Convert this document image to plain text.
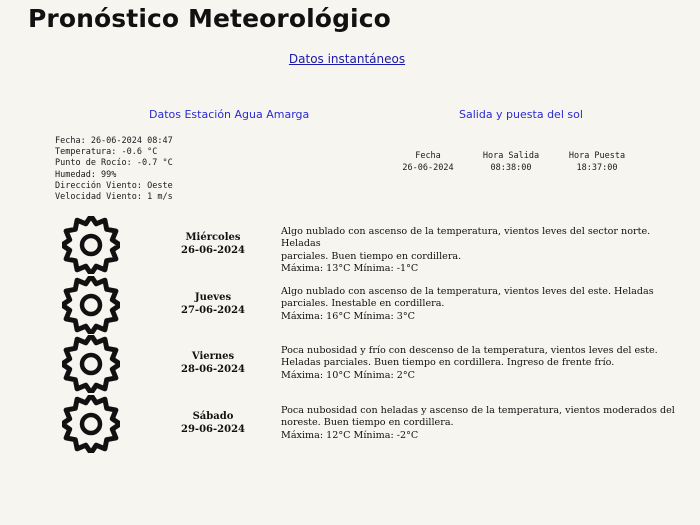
Pronóstico Meteorológico
Datos instantáneos
Datos Estación Agua Amarga	Salida y puesta del sol
Fecha: 26-06-2024 08:47
Temperatura: -0.6 °C
Punto de Rocío: -0.7 °C
Humedad: 99%
Dirección Viento: Oeste
Velocidad Viento: 1 m/s
Fecha
26-06-2024
Hora Salida
08:38:00
Hora Puesta
18:37:00
Miércoles
26-06-2024
Algo nublado con ascenso de la temperatura, vientos leves del sector norte. Heladas
parciales. Buen tiempo en cordillera.
Máxima: 13°C Mínima: -1°C
Jueves
27-06-2024
Algo nublado con ascenso de la temperatura, vientos leves del este. Heladas
parciales. Inestable en cordillera.
Máxima: 16°C Mínima: 3°C
Viernes
28-06-2024
Poca nubosidad y frío con descenso de la temperatura, vientos leves del este.
Heladas parciales. Buen tiempo en cordillera. Ingreso de frente frío.
Máxima: 10°C Mínima: 2°C
Sábado
29-06-2024
Poca nubosidad con heladas y ascenso de la temperatura, vientos moderados del
noreste. Buen tiempo en cordillera.
Máxima: 12°C Mínima: -2°C
